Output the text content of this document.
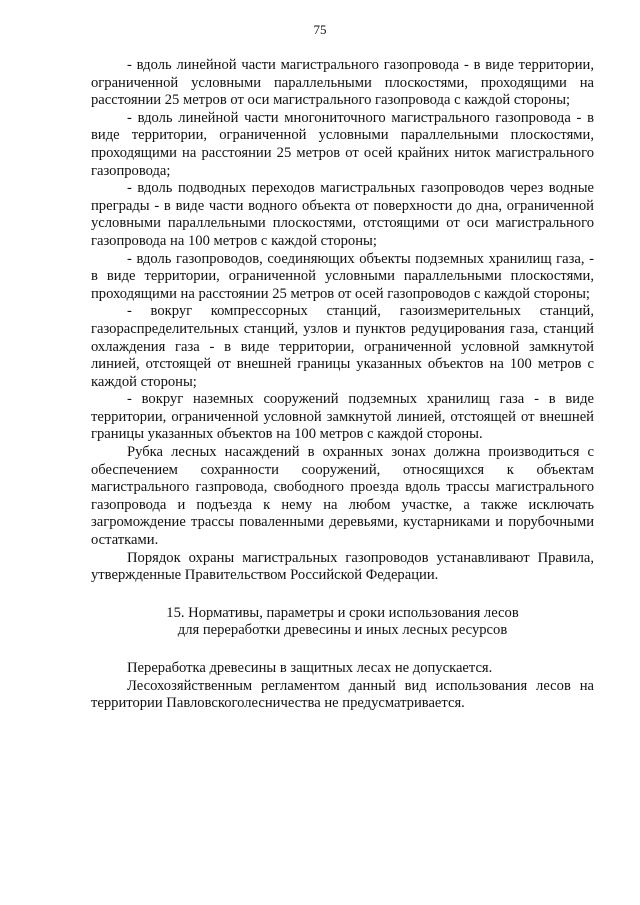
75

- вдоль линейной части магистрального газопровода - в виде территории, ограниченной условными параллельными плоскостями, проходящими на расстоянии 25 метров от оси магистрального газопровода с каждой стороны;

- вдоль линейной части многониточного магистрального газопровода - в виде территории, ограниченной условными параллельными плоскостями, проходящими на расстоянии 25 метров от осей крайних ниток магистрального газопровода;

- вдоль подводных переходов магистральных газопроводов через водные преграды - в виде части водного объекта от поверхности до дна, ограниченной условными параллельными плоскостями, отстоящими от оси магистрального газопровода на 100 метров с каждой стороны;

- вдоль газопроводов, соединяющих объекты подземных хранилищ газа, - в виде территории, ограниченной условными параллельными плоскостями, проходящими на расстоянии 25 метров от осей газопроводов с каждой стороны;

- вокруг компрессорных станций, газоизмерительных станций, газораспределительных станций, узлов и пунктов редуцирования газа, станций охлаждения газа - в виде территории, ограниченной условной замкнутой линией, отстоящей от внешней границы указанных объектов на 100 метров с каждой стороны;

- вокруг наземных сооружений подземных хранилищ газа - в виде территории, ограниченной условной замкнутой линией, отстоящей от внешней границы указанных объектов на 100 метров с каждой стороны.

Рубка лесных насаждений в охранных зонах должна производиться с обеспечением сохранности сооружений, относящихся к объектам магистрального газпровода, свободного проезда вдоль трассы магистрального газопровода и подъезда к нему на любом участке, а также исключать загромождение трассы поваленными деревьями, кустарниками и порубочными остатками.

Порядок охраны магистральных газопроводов устанавливают Правила, утвержденные Правительством Российской Федерации.

15. Нормативы, параметры и сроки использования лесов
для переработки древесины и иных лесных ресурсов

Переработка древесины в защитных лесах не допускается.

Лесохозяйственным регламентом данный вид использования лесов на территории Павловскоголесничества не предусматривается.
